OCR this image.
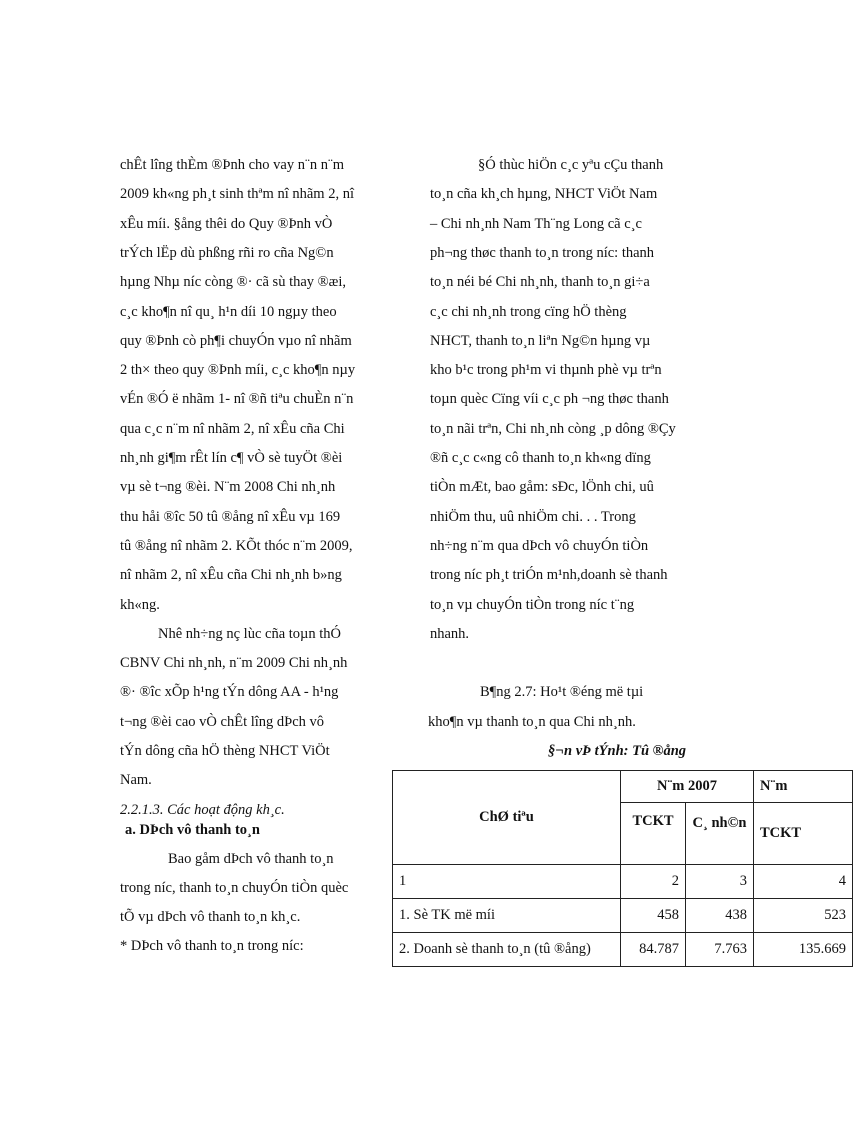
chÊt lîng thÈm ®Þnh cho vay n¨n n¨m
2009 kh«ng ph¸t sinh thªm nî nhãm 2, nî
xÊu míi. §ång thêi do Quy ®Þnh vÒ
trÝch lËp dù phßng rñi ro cña Ng©n
hµng Nhµ níc còng ®· cã sù thay ®æi,
c¸c kho¶n nî qu¸ h¹n díi 10 ngµy theo
quy ®Þnh cò ph¶i chuyÓn vµo nî nhãm
2 th× theo quy ®Þnh míi, c¸c kho¶n nµy
vÉn ®Ó ë nhãm 1- nî ®ñ tiªu chuÈn n¨n
qua c¸c n¨m nî nhãm 2, nî xÊu cña Chi
nh¸nh gi¶m rÊt lín c¶ vÒ sè tuyÖt ®èi
vµ sè t¬ng ®èi. N¨m 2008 Chi nh¸nh
thu håi ®îc 50 tû ®ång nî xÊu vµ 169
tû ®ång nî nhãm 2. KÕt thóc n¨m 2009,
nî nhãm 2, nî xÊu cña Chi nh¸nh b»ng
kh«ng.
Nhê nh÷ng nç lùc cña toµn thÓ
CBNV Chi nh¸nh, n¨m 2009 Chi nh¸nh
®· ®îc xÕp h¹ng tÝn dông AA - h¹ng
t¬ng ®èi cao vÒ chÊt lîng dÞch vô
tÝn dông cña hÖ thèng NHCT ViÖt
Nam.
2.2.1.3. Các hoạt động kh¸c.
a. DÞch vô thanh to¸n
Bao gåm dÞch vô thanh to¸n
trong níc, thanh to¸n chuyÓn tiÒn quèc
tÕ vµ dÞch vô thanh to¸n kh¸c.
* DÞch vô thanh to¸n trong níc:
§Ó thùc hiÖn c¸c yªu cÇu thanh
to¸n cña kh¸ch hµng, NHCT ViÖt Nam
– Chi nh¸nh Nam Th¨ng Long cã c¸c
ph¬ng thøc thanh to¸n trong níc: thanh
to¸n néi bé Chi nh¸nh, thanh to¸n gi÷a
c¸c chi nh¸nh trong cïng hÖ thèng
NHCT, thanh to¸n liªn Ng©n hµng vµ
kho b¹c trong ph¹m vi thµnh phè vµ trªn
toµn quèc Cïng víi c¸c ph ¬ng thøc thanh
to¸n nãi trªn, Chi nh¸nh còng ¸p dông ®Çy
®ñ c¸c c«ng cô thanh to¸n kh«ng dïng
tiÒn mÆt, bao gåm: sÐc, lÖnh chi, uû
nhiÖm thu, uû nhiÖm chi. . . Trong
nh÷ng n¨m qua dÞch vô chuyÓn tiÒn
trong níc ph¸t triÓn m¹nh,doanh sè thanh
to¸n vµ chuyÓn tiÒn trong níc t¨ng
nhanh.
B¶ng 2.7: Ho¹t ®éng më tµi
kho¶n vµ thanh to¸n qua Chi nh¸nh.
§¬n vÞ tÝnh: Tû ®ång
ChØ tiªu	N¨m 2007		N¨m
	TCKT	C¸ nh©n	TCKT
1	2	3	4
1. Sè TK më míi	458	438	523
2. Doanh sè thanh to¸n (tû ®ång)	84.787	7.763	135.669
